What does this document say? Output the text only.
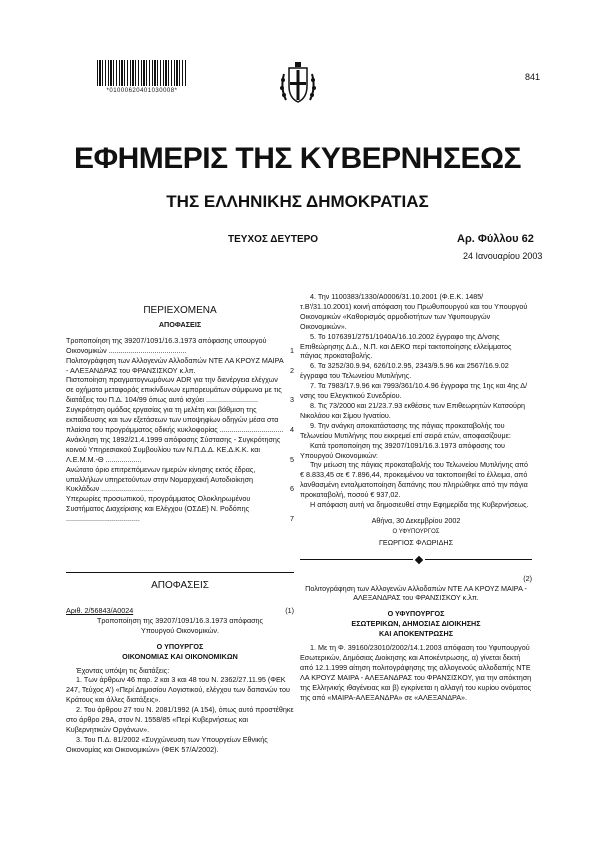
*01000620401030008*
841
ΕΦΗΜΕΡΙΣ ΤΗΣ ΚΥΒΕΡΝΗΣΕΩΣ
ΤΗΣ ΕΛΛΗΝΙΚΗΣ ΔΗΜΟΚΡΑΤΙΑΣ
ΤΕΥΧΟΣ ΔΕΥΤΕΡΟ	Αρ. Φύλλου 62
24 Ιανουαρίου 2003
ΠΕΡΙΕΧΟΜΕΝΑ
ΑΠΟΦΑΣΕΙΣ
Τροποποίηση της 39207/1091/16.3.1973 απόφασης υπουργού Οικονομικών .......................................	1
Πολιτογράφηση των Αλλογενών Αλλοδαπών ΝΤΕ ΛΑ ΚΡΟΥΖ ΜΑΙΡΑ - ΑΛΕΞΑΝΔΡΑΣ του ΦΡΑΝΣΙΣΚΟΥ κ.λπ.	2
Πιστοποίηση πραγματογνωμόνων ADR για την διενέργεια ελέγχων σε οχήματα μεταφοράς επικίνδυνων εμπορευμάτων σύμφωνα με τις διατάξεις του Π.Δ. 104/99 όπως αυτό ισχύει ..........................	3
Συγκρότηση ομάδας εργασίας για τη μελέτη και βάθμιση της εκπαίδευσης και των εξετάσεων των υποψηφίων οδηγών μέσα στα πλαίσια του προγράμματος οδικής κυκλοφορίας ................................ 4
Ανάκληση της 1892/21.4.1999 απόφασης Σύστασης - Συγκρότησης κοινού Υπηρεσιακού Συμβουλίου των Ν.Π.Δ.Δ. ΚΕ.Δ.Κ.Κ. και Λ.Ε.Μ.Μ.-Θ ..................	5
Ανώτατο όριο επιτρεπόμενων ημερών κίνησης εκτός έδρας, υπαλλήλων υπηρετούντων στην Νομαρχιακή Αυτοδιοίκηση Κυκλάδων ..........................	6
Υπερωρίες προσωπικού, προγράμματος Ολοκληρωμένου Συστήματος Διαχείρισης και Ελέγχου (ΟΣΔΕ) Ν. Ροδόπης .....................................	7
ΑΠΟΦΑΣΕΙΣ
Αριθ. 2/56843/Α0024	(1)
Τροποποίηση της 39207/1091/16.3.1973 απόφασης Υπουργού Οικονομικών.
Ο ΥΠΟΥΡΓΟΣ
ΟΙΚΟΝΟΜΙΑΣ ΚΑΙ ΟΙΚΟΝΟΜΙΚΩΝ

Έχοντας υπόψη τις διατάξεις:

1. Των άρθρων 46 παρ. 2 και 3 και 48 του Ν. 2362/27.11.95 (ΦΕΚ 247, Τεύχος Α') «Περί Δημοσίου Λογιστικού, ελέγχου των δαπανών του Κράτους και άλλες διατάξεις».

2. Του άρθρου 27 του Ν. 2081/1992 (Α 154), όπως αυτό προστέθηκε στο άρθρο 29Α, στον Ν. 1558/85 «Περί Κυβερνήσεως και Κυβερνητικών Οργάνων».

3. Του Π.Δ. 81/2002 «Συγχώνευση των Υπουργείων Εθνικής Οικονομίας και Οικονομικών» (ΦΕΚ 57/Α/2002).

4. Την 1100383/1330/Α0006/31.10.2001 (Φ.Ε.Κ. 1485/τ.Β'/31.10.2001) κοινή απόφαση του Πρωθυπουργού και του Υπουργού Οικονομικών «Καθορισμός αρμοδιοτήτων των Υφυπουργών Οικονομικών».

5. Το 1076391/2751/1040Α/16.10.2002 έγγραφο της Δ/νσης Επιθεώρησης Δ.Δ., Ν.Π. και ΔΕΚΟ περί τακτοποίησης ελλείμματος πάγιας προκαταβολής.

6. Τα 3252/30.9.94, 626/10.2.95, 2343/9.5.96 και 2567/16.9.02 έγγραφα του Τελωνείου Μυτιλήνης.

7. Τα 7983/17.9.96 και 7993/361/10.4.96 έγγραφα της 1ης και 4ης Δ/νσης του Ελεγκτικού Συνεδρίου.

8. Τις 73/2000 και 21/23.7.93 εκθέσεις των Επιθεωρητών Κατσούρη Νικολάου και Σίμου Ιγνατίου.

9. Την ανάγκη αποκατάστασης της πάγιας προκαταβολής του Τελωνείου Μυτιλήνης που εκκρεμεί επί σειρά ετών, αποφασίζουμε:

Κατά τροποποίηση της 39207/1091/16.3.1973 απόφασης του Υπουργού Οικονομικών:

Την μείωση της πάγιας προκαταβολής του Τελωνείου Μυτιλήνης από € 8.833,45 σε € 7.896,44, προκειμένου να τακτοποιηθεί το έλλειμα, από λανθασμένη ενταλματοποίηση δαπάνης που πληρώθηκε από την πάγια προκαταβολή, ποσού € 937,02.

Η απόφαση αυτή να δημοσιευθεί στην Εφημερίδα της Κυβερνήσεως.

Αθήνα, 30 Δεκεμβρίου 2002
Ο ΥΦΥΠΟΥΡΓΟΣ
ΓΕΩΡΓΙΟΣ ΦΛΩΡΙΔΗΣ
(2)
Πολιτογράφηση των Αλλογενών Αλλοδαπών ΝΤΕ ΛΑ ΚΡΟΥΖ ΜΑΙΡΑ - ΑΛΕΞΑΝΔΡΑΣ του ΦΡΑΝΣΙΣΚΟΥ κ.λπ.
Ο ΥΦΥΠΟΥΡΓΟΣ
ΕΣΩΤΕΡΙΚΩΝ, ΔΗΜΟΣΙΑΣ ΔΙΟΙΚΗΣΗΣ
ΚΑΙ ΑΠΟΚΕΝΤΡΩΣΗΣ

1. Με τη Φ. 39160/23010/2002/14.1.2003 απόφαση του Υφυπουργού Εσωτερικών, Δημόσιας Διοίκησης και Αποκέντρωσης, α) γίνεται δεκτή από 12.1.1999 αίτηση πολιτογράφησης της αλλογενούς αλλοδαπής ΝΤΕ ΛΑ ΚΡΟΥΖ ΜΑΙΡΑ - ΑΛΕΞΑΝΔΡΑΣ του ΦΡΑΝΣΙΣΚΟΥ, για την απόκτηση της Ελληνικής ιθαγένειας και β) εγκρίνεται η αλλαγή του κυρίου ονόματος της από «ΜΑΙΡΑ-ΑΛΕΞΑΝΔΡΑ» σε «ΑΛΕΞΑΝΔΡΑ».
